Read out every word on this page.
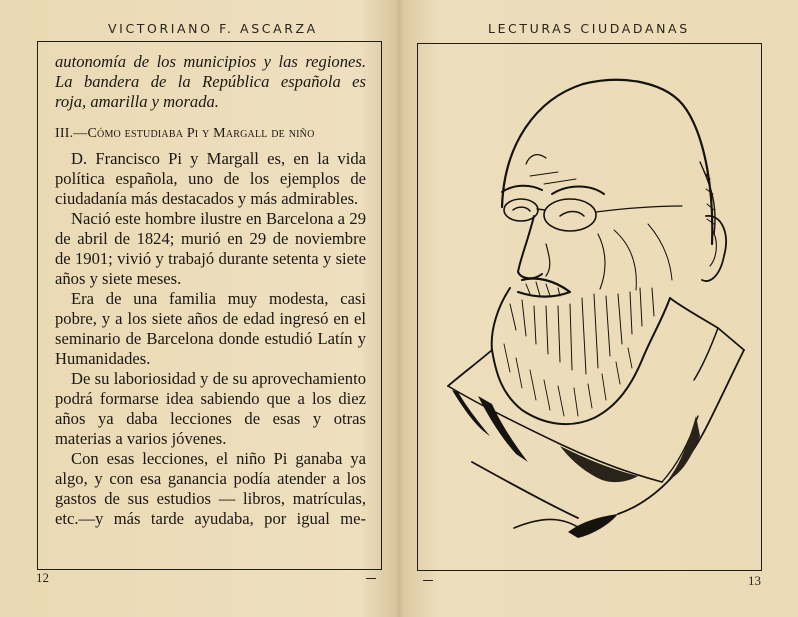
VICTORIANO F. ASCARZA

autonomía de los municipios y las regiones.

La bandera de la República española es

roja, amarilla y morada.

III.—Cómo estudiaba Pi y Margall de niño

D. Francisco Pi y Margall es, en la vida política española, uno de los ejemplos de ciudadanía más destacados y más admirables.

Nació este hombre ilustre en Barcelona a 29 de abril de 1824; murió en 29 de noviembre de 1901; vivió y trabajó durante setenta y siete años y siete meses.

Era de una familia muy modesta, casi pobre, y a los siete años de edad ingresó en el seminario de Barcelona donde estudió Latín y Humanidades.

De su laboriosidad y de su aprovechamiento podrá formarse idea sabiendo que a los diez años ya daba lecciones de esas y otras materias a varios jóvenes.

Con esas lecciones, el niño Pi ganaba ya algo, y con esa ganancia podía atender a los gastos de sus estudios — libros, matrículas, etc.—y más tarde ayudaba, por igual me-

12
LECTURAS CIUDADANAS
13
